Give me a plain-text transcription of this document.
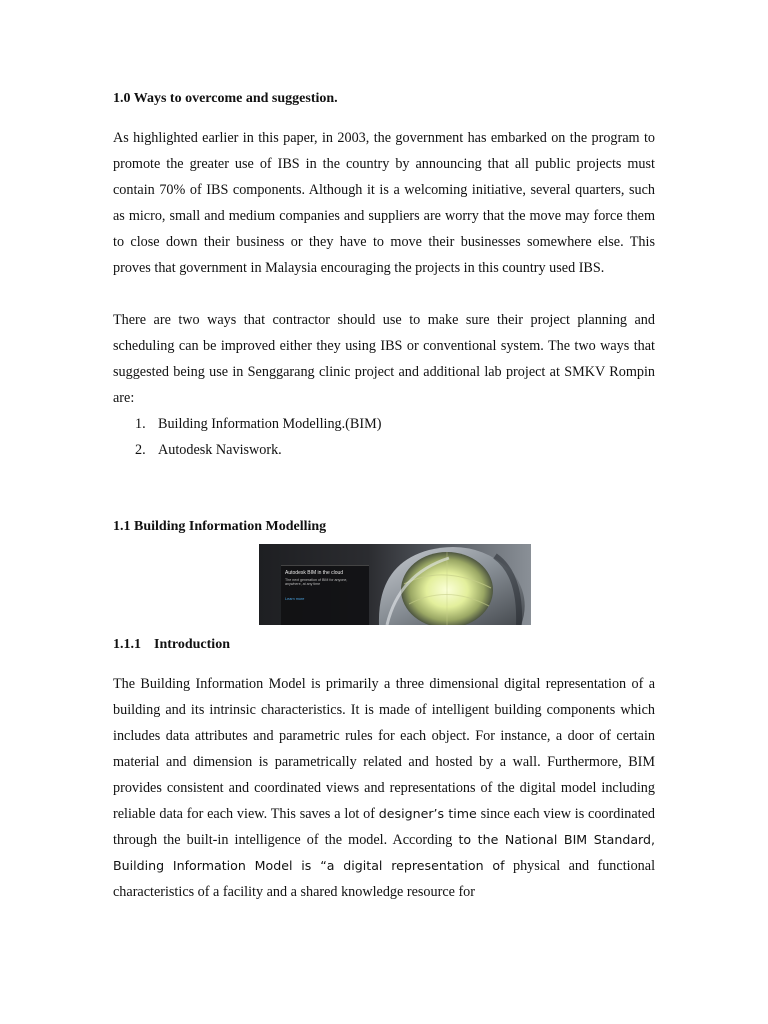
1.0 Ways to overcome and suggestion.
As highlighted earlier in this paper, in 2003, the government has embarked on the program to promote the greater use of IBS in the country by announcing that all public projects must contain 70% of IBS components. Although it is a welcoming initiative, several quarters, such as micro, small and medium companies and suppliers are worry that the move may force them to close down their business or they have to move their businesses somewhere else. This proves that government in Malaysia encouraging the projects in this country used IBS.
There are two ways that contractor should use to make sure their project planning and scheduling can be improved either they using IBS or conventional system. The two ways that suggested being use in Senggarang clinic project and additional lab project at SMKV Rompin are:
1. Building Information Modelling.(BIM)
2. Autodesk Naviswork.
1.1 Building Information Modelling
Autodesk BIM in the cloud
The next generation of BIM for anyone, anywhere, at any time
Learn more
1.1.1 Introduction
The Building Information Model is primarily a three dimensional digital representation of a building and its intrinsic characteristics. It is made of intelligent building components which includes data attributes and parametric rules for each object. For instance, a door of certain material and dimension is parametrically related and hosted by a wall. Furthermore, BIM provides consistent and coordinated views and representations of the digital model including reliable data for each view. This saves a lot of designer’s time since each view is coordinated through the built-in intelligence of the model. According to the National BIM Standard, Building Information Model is “a digital representation of physical and functional characteristics of a facility and a shared knowledge resource for
